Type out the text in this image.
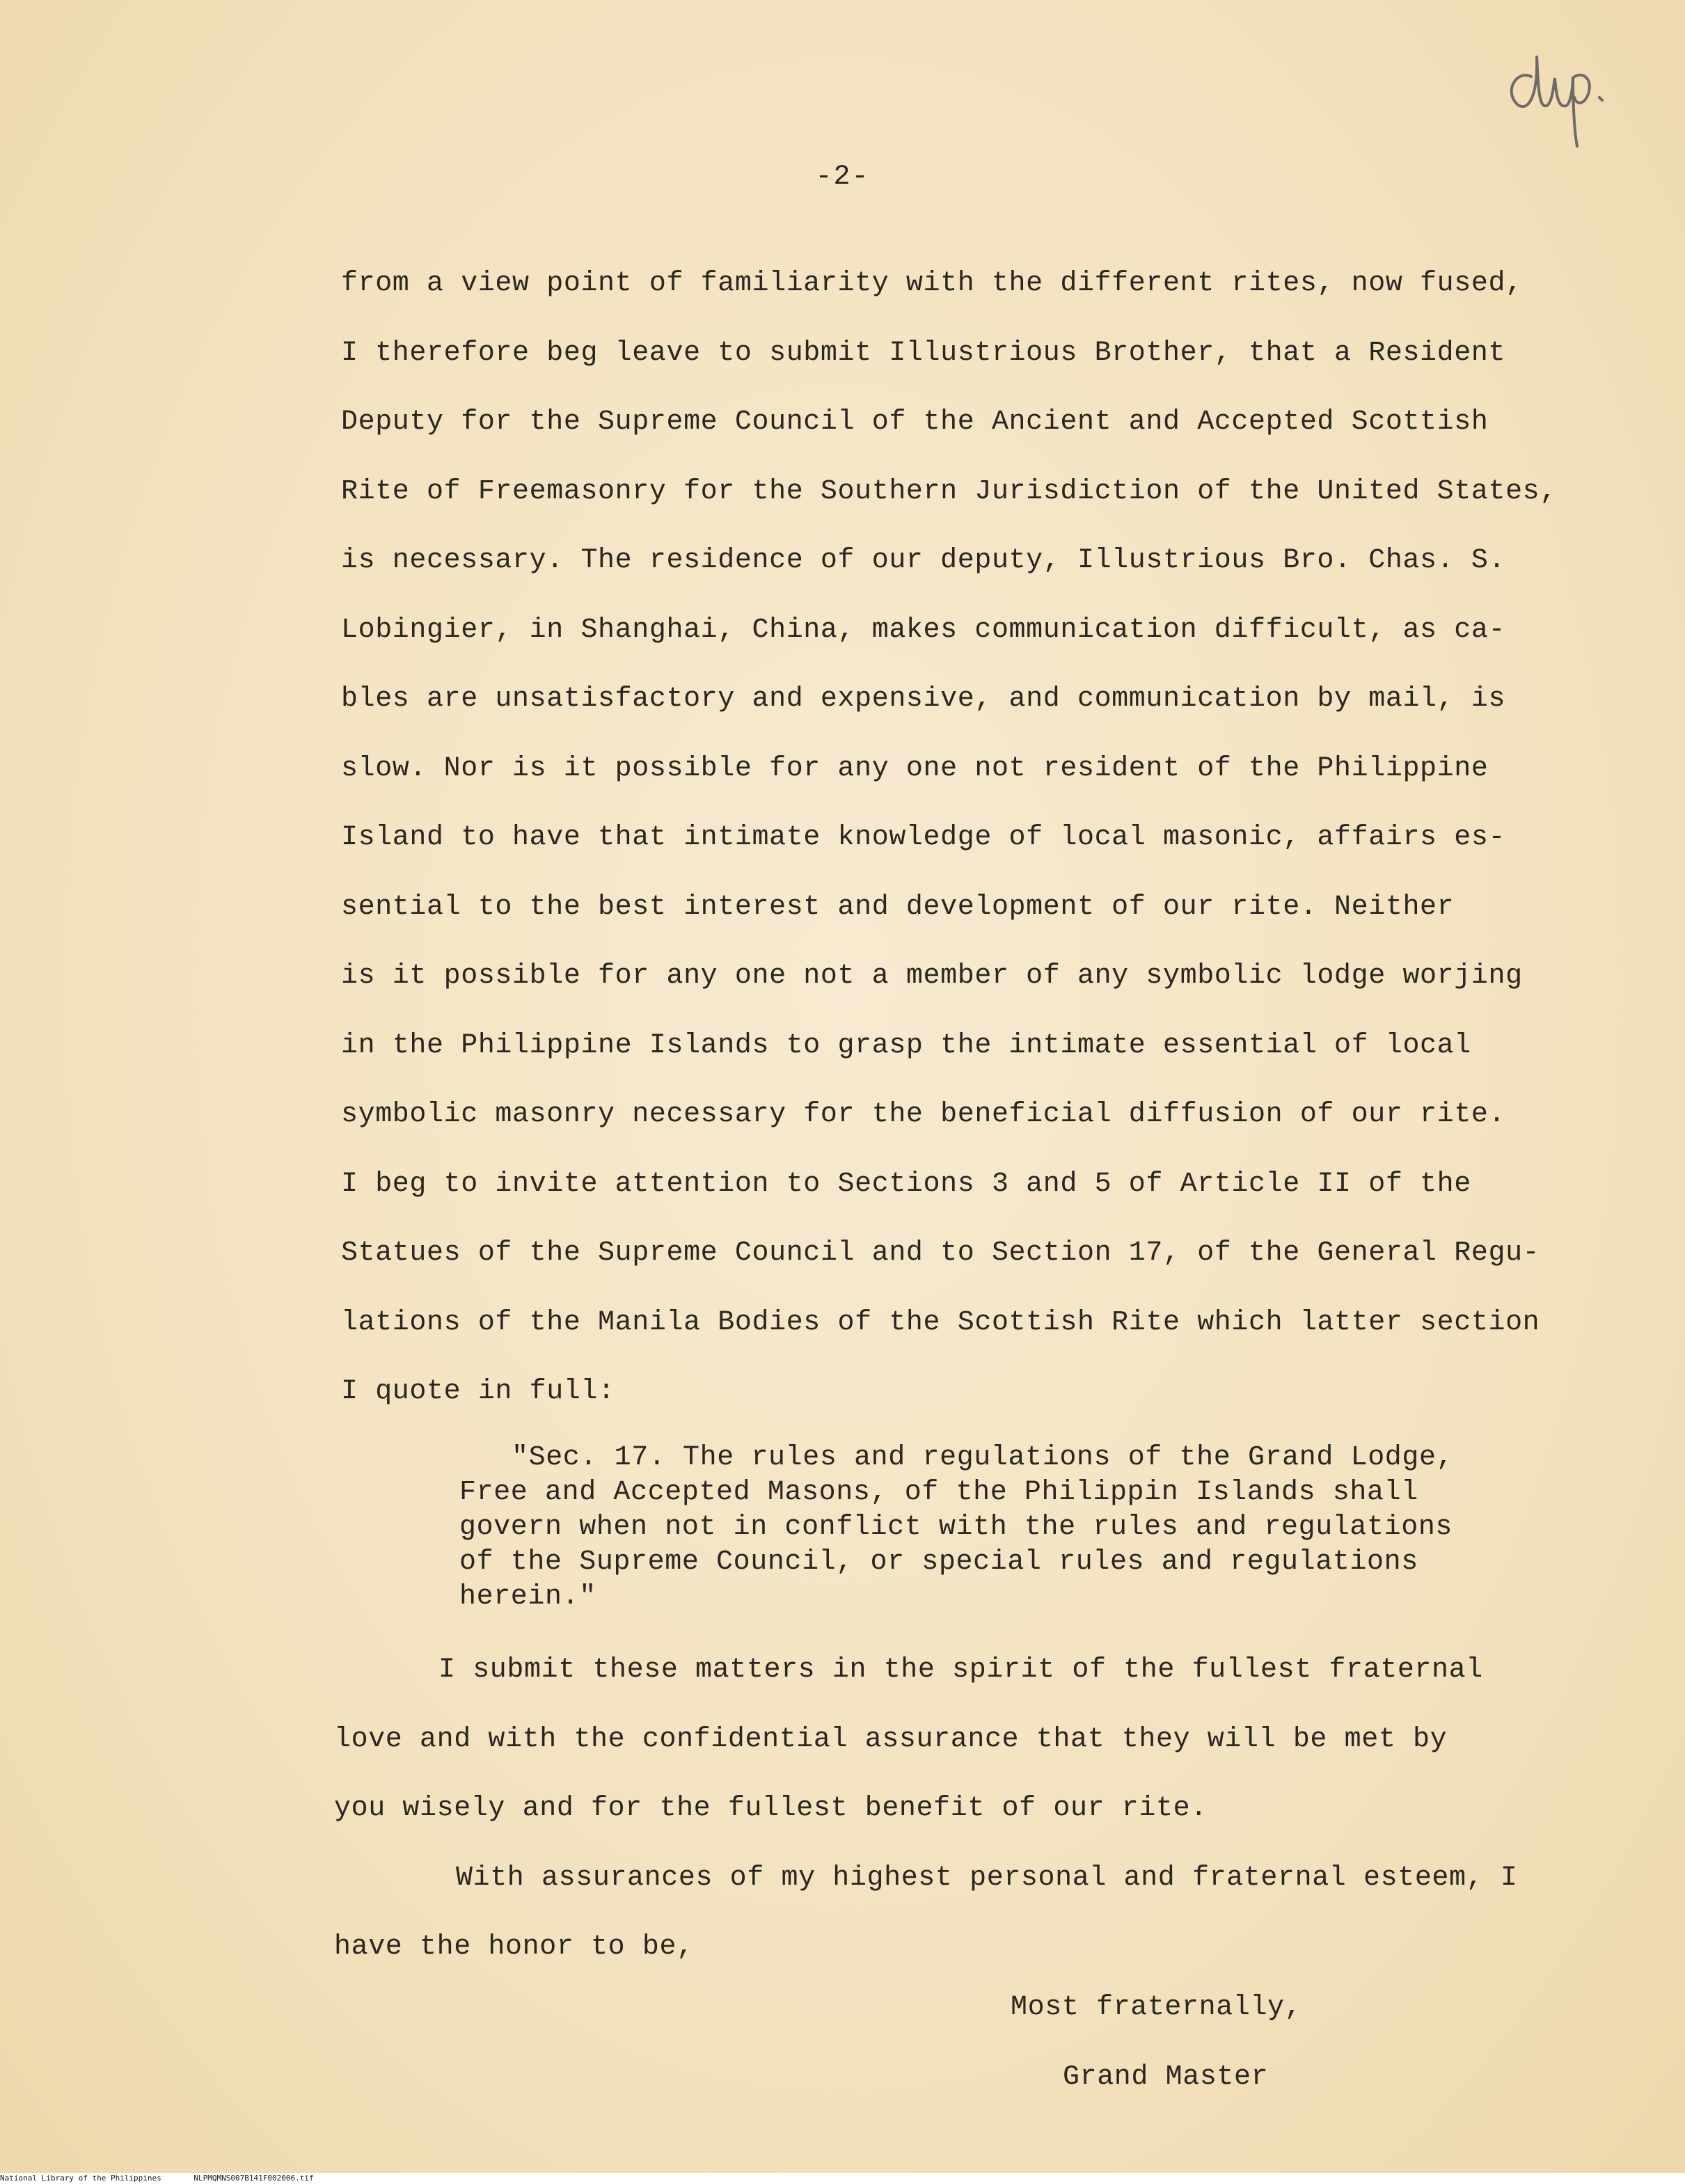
-2-
from a view point of familiarity with the different rites, now fused,
I therefore beg leave to submit Illustrious Brother, that a Resident
Deputy for the Supreme Council of the Ancient and Accepted Scottish
Rite of Freemasonry for the Southern Jurisdiction of the United States,
is necessary. The residence of our deputy, Illustrious Bro. Chas. S.
Lobingier, in Shanghai, China, makes communication difficult, as ca-
bles are unsatisfactory and expensive, and communication by mail, is
slow. Nor is it possible for any one not resident of the Philippine
Island to have that intimate knowledge of local masonic, affairs es-
sential to the best interest and development of our rite. Neither
is it possible for any one not a member of any symbolic lodge worjing
in the Philippine Islands to grasp the intimate essential of local
symbolic masonry necessary for the beneficial diffusion of our rite.
I beg to invite attention to Sections 3 and 5 of Article II of the
Statues of the Supreme Council and to Section 17, of the General Regu-
lations of the Manila Bodies of the Scottish Rite which latter section
I quote in full:
"Sec. 17. The rules and regulations of the Grand Lodge,
Free and Accepted Masons, of the Philippin Islands shall
govern when not in conflict with the rules and regulations
of the Supreme Council, or special rules and regulations
herein."
I submit these matters in the spirit of the fullest fraternal
love and with the confidential assurance that they will be met by
you wisely and for the fullest benefit of our rite.
With assurances of my highest personal and fraternal esteem, I
have the honor to be,
Most fraternally,
Grand Master
National Library of the Philippines	NLPMQMNS007B141F002006.tif
